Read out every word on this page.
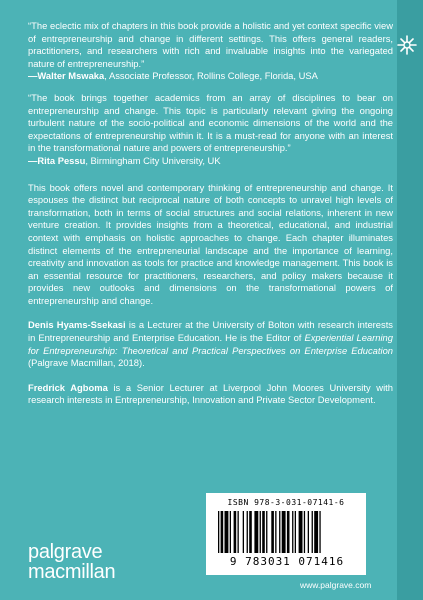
“The eclectic mix of chapters in this book provide a holistic and yet context specific view of entrepreneurship and change in different settings. This offers general readers, practitioners, and researchers with rich and invaluable insights into the variegated nature of entrepreneurship.”
—Walter Mswaka, Associate Professor, Rollins College, Florida, USA
“The book brings together academics from an array of disciplines to bear on entrepreneurship and change. This topic is particularly relevant giving the ongoing turbulent nature of the socio-political and economic dimensions of the world and the expectations of entrepreneurship within it. It is a must-read for anyone with an interest in the transformational nature and powers of entrepreneurship.”
—Rita Pessu, Birmingham City University, UK

This book offers novel and contemporary thinking of entrepreneurship and change. It espouses the distinct but reciprocal nature of both concepts to unravel high levels of transformation, both in terms of social structures and social relations, inherent in new venture creation. It provides insights from a theoretical, educational, and industrial context with emphasis on holistic approaches to change. Each chapter illuminates distinct elements of the entrepreneurial landscape and the importance of learning, creativity and innovation as tools for practice and knowledge management. This book is an essential resource for practitioners, researchers, and policy makers because it provides new outlooks and dimensions on the transformational powers of entrepreneurship and change.

Denis Hyams-Ssekasi is a Lecturer at the University of Bolton with research interests in Entrepreneurship and Enterprise Education. He is the Editor of Experiential Learning for Entrepreneurship: Theoretical and Practical Perspectives on Enterprise Education (Palgrave Macmillan, 2018).

Fredrick Agboma is a Senior Lecturer at Liverpool John Moores University with research interests in Entrepreneurship, Innovation and Private Sector Development.

palgrave
macmillan
ISBN 978-3-031-07141-6
9 783031 071416
www.palgrave.com
